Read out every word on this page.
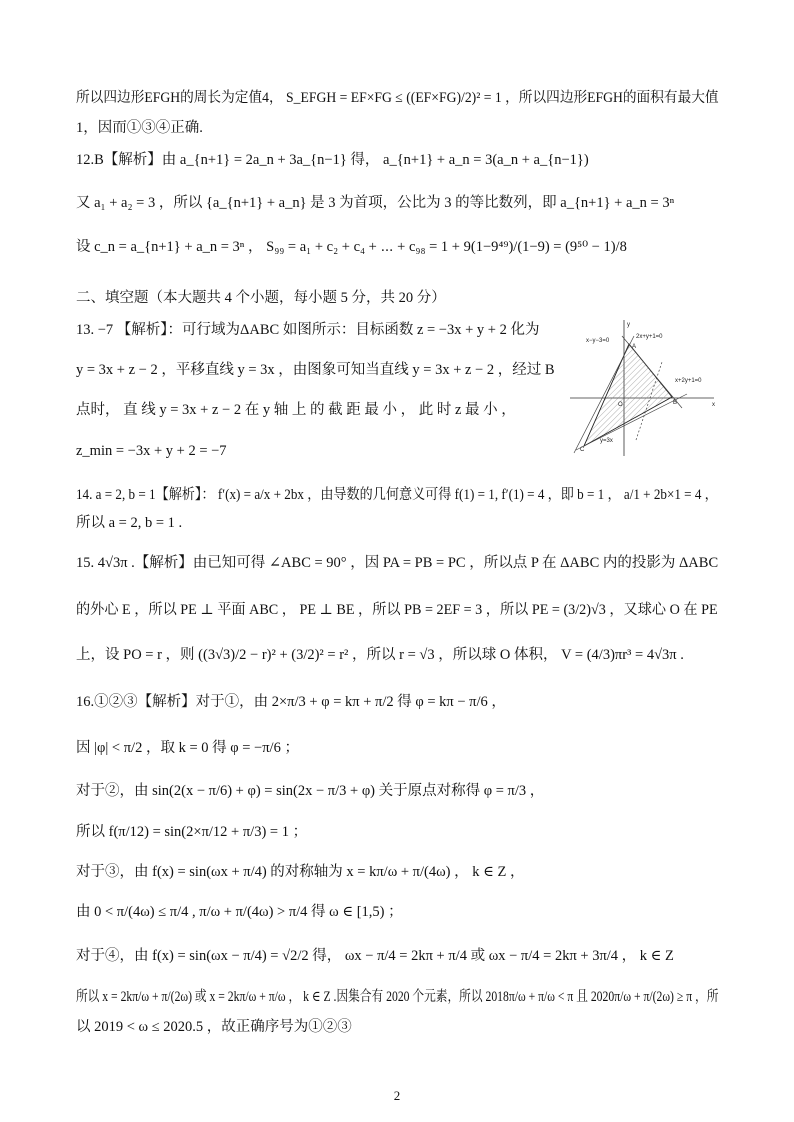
所以四边形EFGH的周长为定值4， S_EFGH = EF×FG ≤ ((EF×FG)/2)² = 1 ，所以四边形EFGH的面积有最大值
1，因而①③④正确.
12.B【解析】由 a_{n+1} = 2a_n + 3a_{n−1} 得， a_{n+1} + a_n = 3(a_n + a_{n−1})
又 a₁ + a₂ = 3 ，所以 {a_{n+1} + a_n} 是 3 为首项，公比为 3 的等比数列，即 a_{n+1} + a_n = 3ⁿ
设 c_n = a_{n+1} + a_n = 3ⁿ ， S₉₉ = a₁ + c₂ + c₄ + ⋯ + c₉₈ = 1 + 9(1−9⁴⁹)/(1−9) = (9⁵⁰ − 1)/8
二、填空题（本大题共 4 个小题，每小题 5 分，共 20 分）
13. −7 【解析】：可行域为ΔABC 如图所示：目标函数 z = −3x + y + 2 化为
y = 3x + z − 2 ，平移直线 y = 3x ，由图象可知当直线 y = 3x + z − 2 ，经过 B
点时， 直 线 y = 3x + z − 2 在 y 轴 上 的 截 距 最 小 ， 此 时 z 最 小 ，
z_min = −3x + y + 2 = −7
x−y−3=0
2x+y+1=0
x+2y+1=0
y=3x
A
B
C
O	x
y
14. a = 2, b = 1【解析】： f′(x) = a/x + 2bx ，由导数的几何意义可得 f(1) = 1, f′(1) = 4 ，即 b = 1 ， a/1 + 2b×1 = 4 ，
所以 a = 2, b = 1 .
15. 4√3π .【解析】由已知可得 ∠ABC = 90° ，因 PA = PB = PC ，所以点 P 在 ΔABC 内的投影为 ΔABC
的外心 E ，所以 PE ⊥ 平面 ABC ， PE ⊥ BE ，所以 PB = 2EF = 3 ，所以 PE = (3/2)√3 ，又球心 O 在 PE
上，设 PO = r ，则 ((3√3)/2 − r)² + (3/2)² = r² ，所以 r = √3 ，所以球 O 体积， V = (4/3)πr³ = 4√3π .
16.①②③【解析】对于①，由 2×π/3 + φ = kπ + π/2 得 φ = kπ − π/6 ，
因 |φ| < π/2 ，取 k = 0 得 φ = −π/6 ；
对于②，由 sin(2(x − π/6) + φ) = sin(2x − π/3 + φ) 关于原点对称得 φ = π/3 ，
所以 f(π/12) = sin(2×π/12 + π/3) = 1 ；
对于③，由 f(x) = sin(ωx + π/4) 的对称轴为 x = kπ/ω + π/(4ω) ， k ∈ Z ，
由 0 < π/(4ω) ≤ π/4 , π/ω + π/(4ω) > π/4 得 ω ∈ [1,5) ；
对于④，由 f(x) = sin(ωx − π/4) = √2/2 得， ωx − π/4 = 2kπ + π/4 或 ωx − π/4 = 2kπ + 3π/4 ， k ∈ Z
所以 x = 2kπ/ω + π/(2ω) 或 x = 2kπ/ω + π/ω ， k ∈ Z .因集合有 2020 个元素，所以 2018π/ω + π/ω < π 且 2020π/ω + π/(2ω) ≥ π ，所
以 2019 < ω ≤ 2020.5 ，故正确序号为①②③
2
